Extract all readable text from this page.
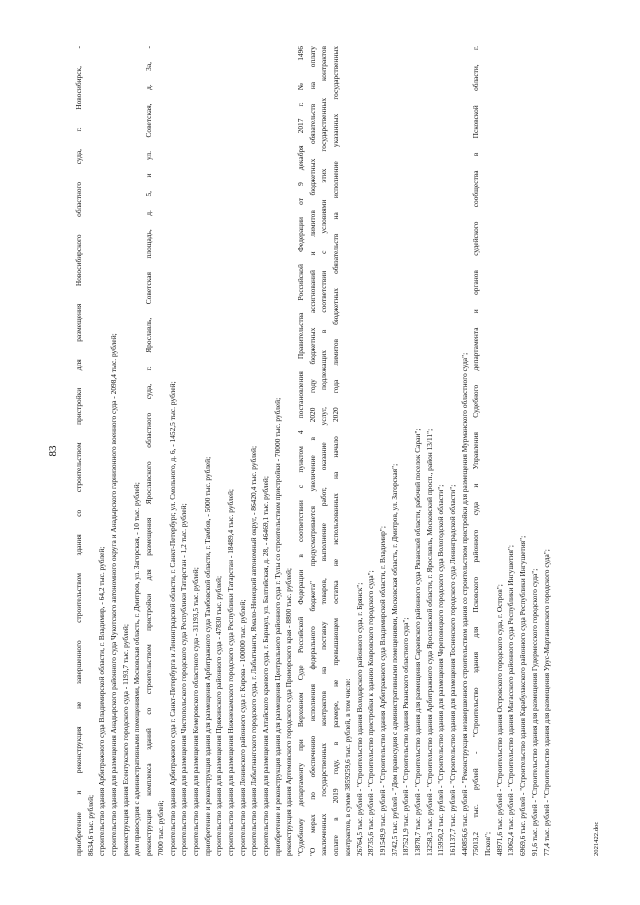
83 приобретение и реконструкция не завершенного строительством здания со строительством пристройки для размещения Новосибирского областного суда, г. Новосибирск, - 8634,6 тыс. рублей; строительство здания Арбитражного суда Владимирской области, г. Владимир, - 64,2 тыс. рублей; строительство здания для размещения Анадырского районного суда Чукотского автономного округа и Анадырского гарнизонного военного суда - 2098,4 тыс. рублей; реконструкция здания Есентукского городского суда - 1193,7 тыс. рублей; дом правосудия с административными помещениями, Московская область, г. Дмитров, ул. Загорская, - 10 тыс. рублей; реконструкция комплекса зданий со строительством пристройки для размещения Ярославского областного суда, г. Ярославль, Советская площадь, д. 5, и ул. Советская, д. 3а, - 7000 тыс. рублей; строительство здания Арбитражного суда г. Санкт-Петербурга и Ленинградской области, г. Санкт-Петербург, ул. Смольного, д. 6, - 1452,5 тыс. рублей; строительство здания для размещения Чистопольского городского суда Республики Татарстан - 1,2 тыс. рублей; строительство здания для размещения Кемеровского областного суда - 31193,5 тыс. рублей; приобретение и реконструкция здания для размещения Арбитражного суда Тамбовской области, г. Тамбов, - 5000 тыс. рублей; строительство здания для размещения Пряжинского районного суда - 47830 тыс. рублей; строительство здания для размещения Нижнекамского городского суда Республики Татарстан - 18489,4 тыс. рублей; строительство здания Ленинского районного суда г. Кирова - 100000 тыс. рублей; строительство здания Лабытнангского городского суда, г. Лабытнанги, Ямало-Ненецкий автономный округ, - 86420,4 тыс. рублей; строительство здания для размещения Алтайского краевого суда, г. Барнаул, ул. Балтийская, д. 28, - 46469,1 тыс. рублей; приобретение и реконструкция здания для размещения Центрального районного суда г. Тулы со строительством пристройки - 70000 тыс. рублей; реконструкция здания Артемовского городского суда Приморского края - 8800 тыс. рублей; "Судебному департаменту при Верховном Суде Российской Федерации в соответствии с пунктом 4 постановления Правительства Российской Федерации от 9 декабря 2017 г. № 1496 "О мерах по обеспечению исполнения федерального бюджета" предусматривается увеличение в 2020 году бюджетных ассигнований и лимитов бюджетных обязательств на оплату заключенных государственных контрактов на поставку товаров, выполнение работ, оказание услуг, подлежащих в соответствии с условиями этих государственных контрактов оплате в 2019 году, в размере, не превышающем остатка не использованных на начало 2020 года лимитов бюджетных обязательств на исполнение указанных государственных контрактов, в сумме 3859259,6 тыс. рублей, в том числе: 26764,5 тыс. рублей - "Строительство здания Володарского районного суда, г. Брянск"; 28735,6 тыс. рублей - "Строительство пристройки к зданию Ковровского городского суда"; 191549,9 тыс. рублей - "Строительство здания Арбитражного суда Владимирской области, г. Владимир"; 3742,5 тыс. рублей - "Дом правосудия с административными помещениями, Московская область, г. Дмитров, ул. Загорская"; 187521,9 тыс. рублей - "Строительство здания Рязанского областного суда"; 13878,7 тыс. рублей - "Строительство здания для размещения Сараевского районного суда Рязанской области, рабочий поселок Сараи"; 13258,3 тыс. рублей - "Строительство здания Арбитражного суда Ярославской области, г. Ярославль, Московский просп., район 13/11"; 115950,2 тыс. рублей - "Строительство здания для размещения Череповецкого городского суда Вологодской области"; 161137,7 тыс. рублей - "Строительство здания для размещения Тосненского городского суда Ленинградской области"; 440856,6 тыс. рублей - "Реконструкция незавершенного строительством здания со строительством пристройки для размещения Мурманского областного суда"; 75013,2 тыс. рублей - "Строительство здания для Псковского районного суда и Управления Судебного департамента и органов судейского сообщества в Псковской области, г. Псков"; 48971,6 тыс. рублей - "Строительство здания Островского городского суда, г. Остров"; 13062,4 тыс. рублей - "Строительство здания Магасского районного суда Республики Ингушетия"; 6969,6 тыс. рублей - "Строительство здания Карабулакского районного суда Республики Ингушетия"; 91,6 тыс. рублей - "Строительство здания для размещения Гудермесского городского суда"; 77,4 тыс. рублей - "Строительство здания для размещения Урус-Мартановского городского суда";	2021422.doc
